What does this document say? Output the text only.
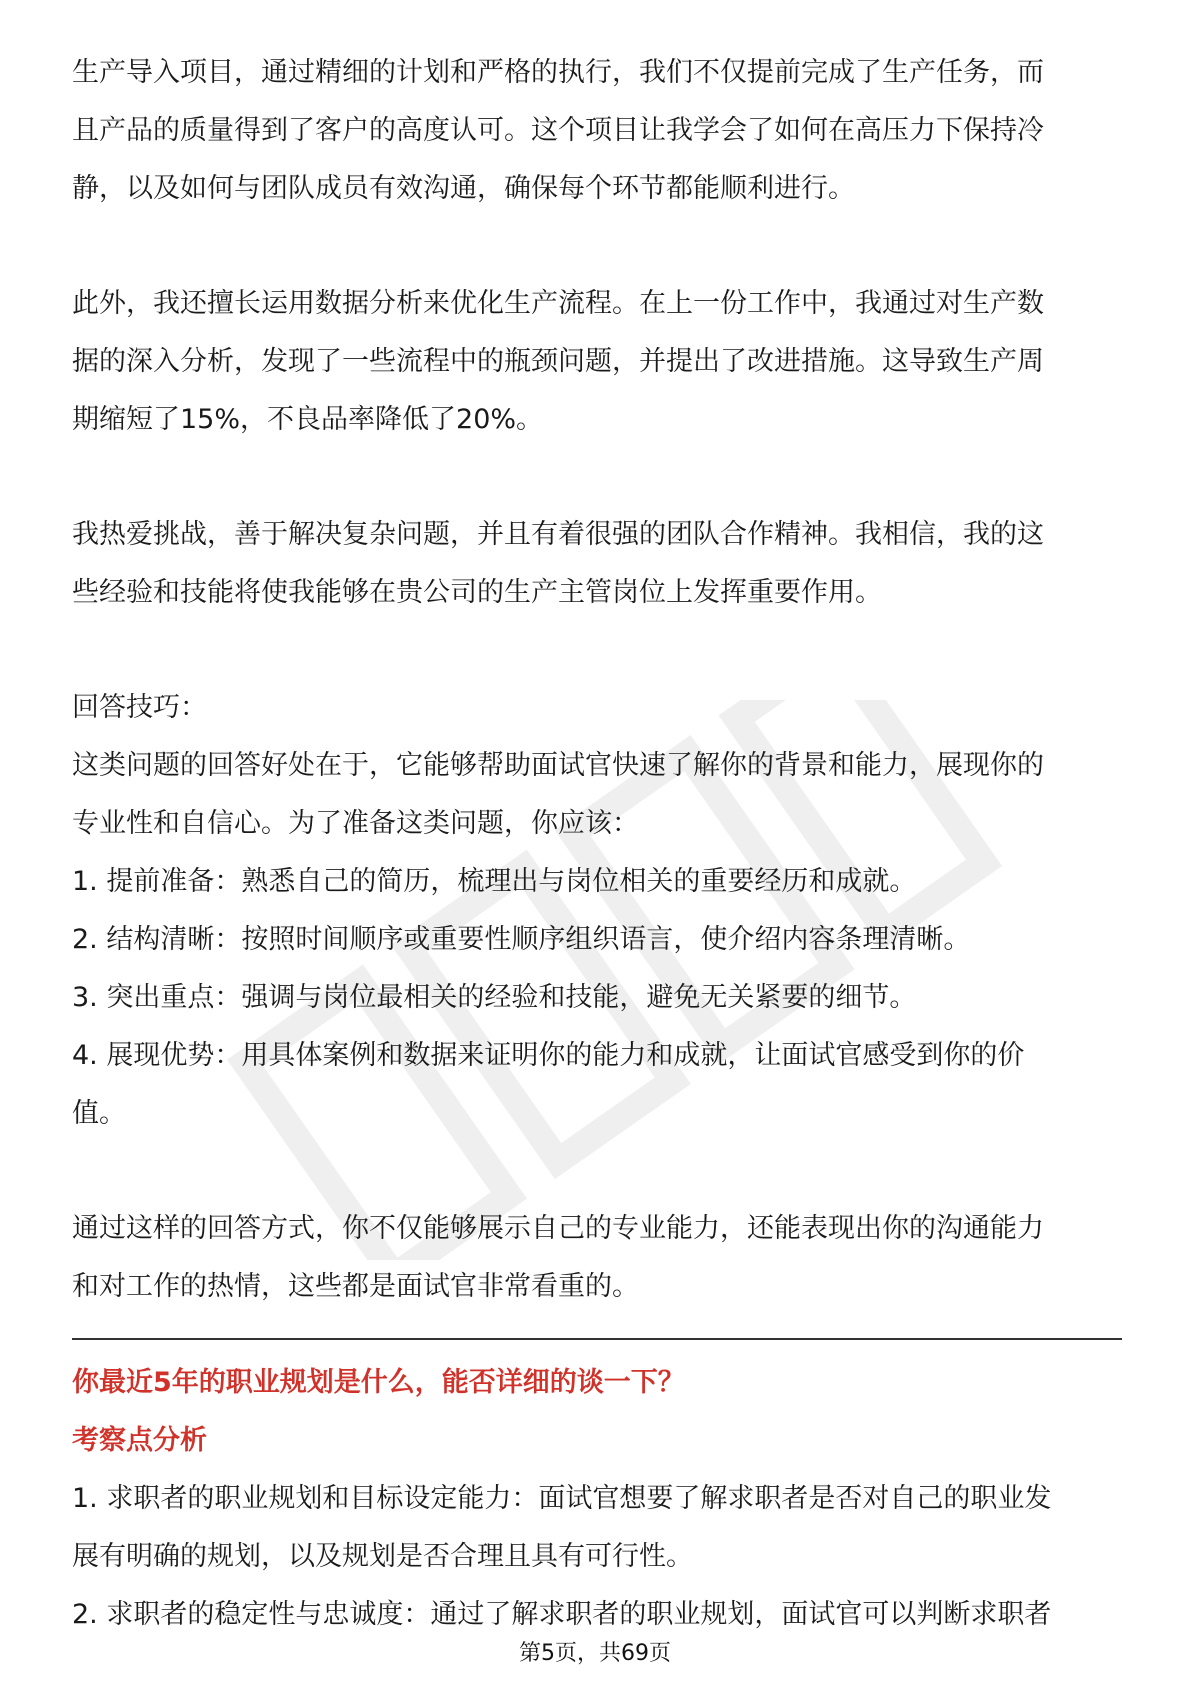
生产导入项目，通过精细的计划和严格的执行，我们不仅提前完成了生产任务，而

且产品的质量得到了客户的高度认可。这个项目让我学会了如何在高压力下保持冷

静，以及如何与团队成员有效沟通，确保每个环节都能顺利进行。

此外，我还擅长运用数据分析来优化生产流程。在上一份工作中，我通过对生产数

据的深入分析，发现了一些流程中的瓶颈问题，并提出了改进措施。这导致生产周

期缩短了15%，不良品率降低了20%。

我热爱挑战，善于解决复杂问题，并且有着很强的团队合作精神。我相信，我的这

些经验和技能将使我能够在贵公司的生产主管岗位上发挥重要作用。

回答技巧：

这类问题的回答好处在于，它能够帮助面试官快速了解你的背景和能力，展现你的

专业性和自信心。为了准备这类问题，你应该：

1. 提前准备：熟悉自己的简历，梳理出与岗位相关的重要经历和成就。

2. 结构清晰：按照时间顺序或重要性顺序组织语言，使介绍内容条理清晰。

3. 突出重点：强调与岗位最相关的经验和技能，避免无关紧要的细节。

4. 展现优势：用具体案例和数据来证明你的能力和成就，让面试官感受到你的价

值。

通过这样的回答方式，你不仅能够展示自己的专业能力，还能表现出你的沟通能力

和对工作的热情，这些都是面试官非常看重的。

你最近5年的职业规划是什么，能否详细的谈一下？

考察点分析

1. 求职者的职业规划和目标设定能力：面试官想要了解求职者是否对自己的职业发

展有明确的规划，以及规划是否合理且具有可行性。

2. 求职者的稳定性与忠诚度：通过了解求职者的职业规划，面试官可以判断求职者

第5页，共69页
